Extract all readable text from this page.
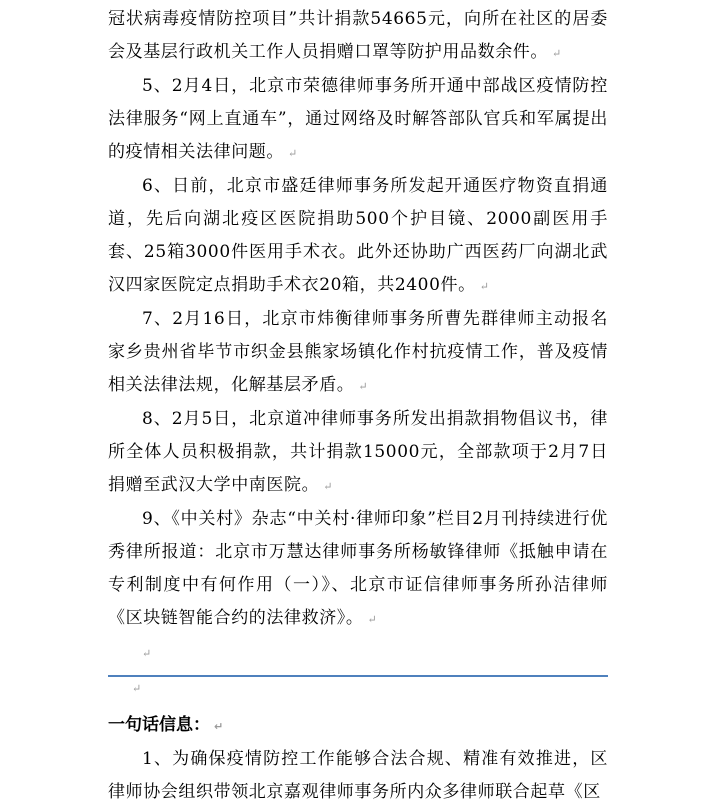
冠状病毒疫情防控项目”共计捐款54665元，向所在社区的居委会及基层行政机关工作人员捐赠口罩等防护用品数余件。 ↵

5、2月4日，北京市荣德律师事务所开通中部战区疫情防控法律服务“网上直通车”，通过网络及时解答部队官兵和军属提出的疫情相关法律问题。 ↵

6、日前，北京市盛廷律师事务所发起开通医疗物资直捐通道，先后向湖北疫区医院捐助500个护目镜、2000副医用手套、25箱3000件医用手术衣。此外还协助广西医药厂向湖北武汉四家医院定点捐助手术衣20箱，共2400件。 ↵

7、2月16日，北京市炜衡律师事务所曹先群律师主动报名家乡贵州省毕节市织金县熊家场镇化作村抗疫情工作，普及疫情相关法律法规，化解基层矛盾。 ↵

8、2月5日，北京道冲律师事务所发出捐款捐物倡议书，律所全体人员积极捐款，共计捐款15000元，全部款项于2月7日捐赠至武汉大学中南医院。 ↵

9、《中关村》杂志“中关村·律师印象”栏目2月刊持续进行优秀律所报道：北京市万慧达律师事务所杨敏锋律师《抵触申请在专利制度中有何作用（一）》、北京市证信律师事务所孙洁律师《区块链智能合约的法律救济》。 ↵

↵
↵
一句话信息： ↵

1、为确保疫情防控工作能够合法合规、精准有效推进，区律师协会组织带领北京嘉观律师事务所内众多律师联合起草《区
